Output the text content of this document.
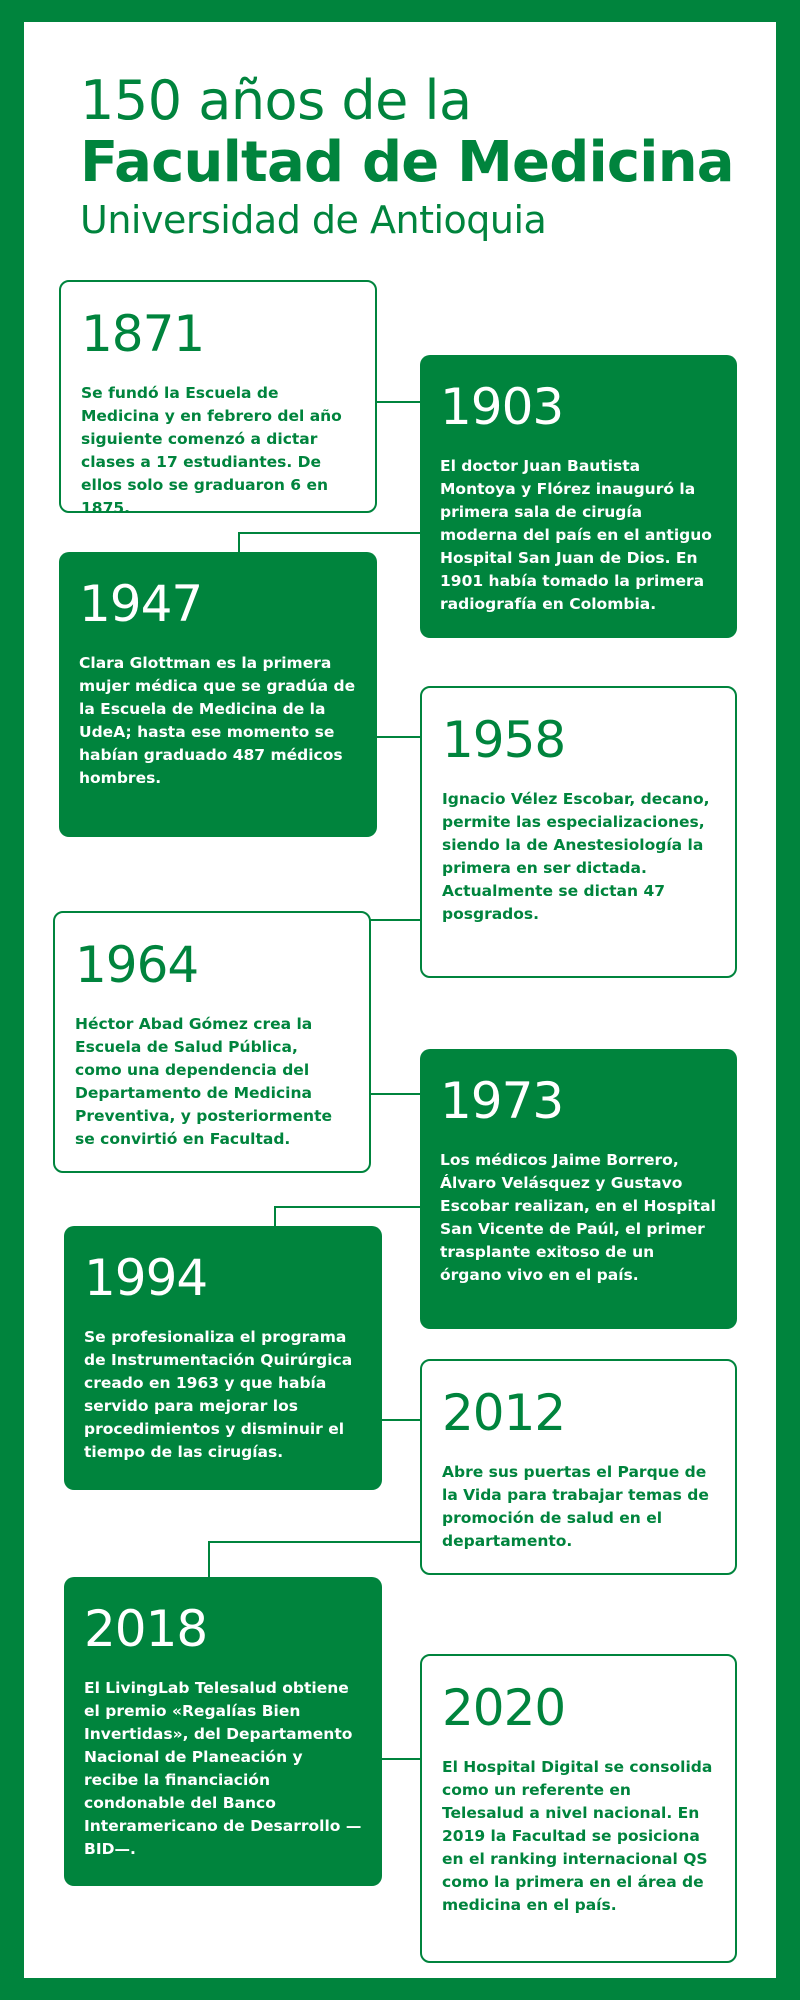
150 años de la
Facultad de Medicina
Universidad de Antioquia
1871
Se fundó la Escuela de Medicina y en febrero del año siguiente comenzó a dictar clases a 17 estudiantes. De ellos solo se graduaron 6 en 1875.
1903
El doctor Juan Bautista Montoya y Flórez inauguró la primera sala de cirugía moderna del país en el antiguo Hospital San Juan de Dios. En 1901 había tomado la primera radiografía en Colombia.
1947
Clara Glottman es la primera mujer médica que se gradúa de la Escuela de Medicina de la UdeA; hasta ese momento se habían graduado 487 médicos hombres.
1958
Ignacio Vélez Escobar, decano, permite las especializaciones, siendo la de Anestesiología la primera en ser dictada. Actualmente se dictan 47 posgrados.
1964
Héctor Abad Gómez crea la Escuela de Salud Pública, como una dependencia del Departamento de Medicina Preventiva, y posteriormente se convirtió en Facultad.
1973
Los médicos Jaime Borrero, Álvaro Velásquez y Gustavo Escobar realizan, en el Hospital San Vicente de Paúl, el primer trasplante exitoso de un órgano vivo en el país.
1994
Se profesionaliza el programa de Instrumentación Quirúrgica creado en 1963 y que había servido para mejorar los procedimientos y disminuir el tiempo de las cirugías.
2012
Abre sus puertas el Parque de la Vida para trabajar temas de promoción de salud en el departamento.
2018
El LivingLab Telesalud obtiene el premio «Regalías Bien Invertidas», del Departamento Nacional de Planeación y recibe la financiación condonable del Banco Interamericano de Desarrollo —BID—.
2020
El Hospital Digital se consolida como un referente en Telesalud a nivel nacional. En 2019 la Facultad se posiciona en el ranking internacional QS como la primera en el área de medicina en el país.
